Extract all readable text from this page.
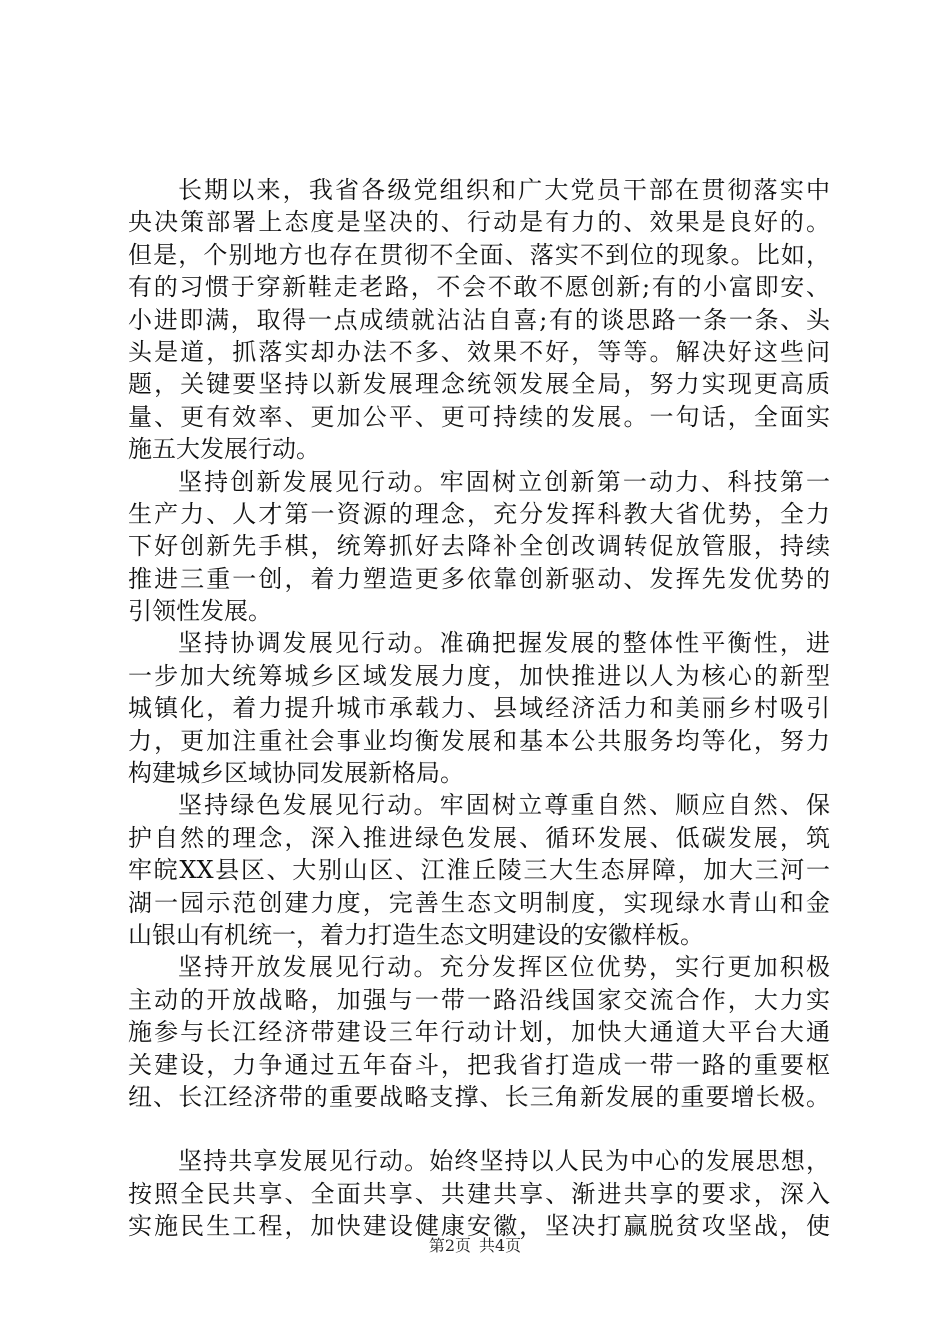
长期以来，我省各级党组织和广大党员干部在贯彻落实中
央决策部署上态度是坚决的、行动是有力的、效果是良好的。
但是，个别地方也存在贯彻不全面、落实不到位的现象。比如，
有的习惯于穿新鞋走老路，不会不敢不愿创新;有的小富即安、
小进即满，取得一点成绩就沾沾自喜;有的谈思路一条一条、头
头是道，抓落实却办法不多、效果不好，等等。解决好这些问
题，关键要坚持以新发展理念统领发展全局，努力实现更高质
量、更有效率、更加公平、更可持续的发展。一句话，全面实
施五大发展行动。
坚持创新发展见行动。牢固树立创新第一动力、科技第一
生产力、人才第一资源的理念，充分发挥科教大省优势，全力
下好创新先手棋，统筹抓好去降补全创改调转促放管服，持续
推进三重一创，着力塑造更多依靠创新驱动、发挥先发优势的
引领性发展。
坚持协调发展见行动。准确把握发展的整体性平衡性，进
一步加大统筹城乡区域发展力度，加快推进以人为核心的新型
城镇化，着力提升城市承载力、县域经济活力和美丽乡村吸引
力，更加注重社会事业均衡发展和基本公共服务均等化，努力
构建城乡区域协同发展新格局。
坚持绿色发展见行动。牢固树立尊重自然、顺应自然、保
护自然的理念，深入推进绿色发展、循环发展、低碳发展，筑
牢皖XX县区、大别山区、江淮丘陵三大生态屏障，加大三河一
湖一园示范创建力度，完善生态文明制度，实现绿水青山和金
山银山有机统一，着力打造生态文明建设的安徽样板。
坚持开放发展见行动。充分发挥区位优势，实行更加积极
主动的开放战略，加强与一带一路沿线国家交流合作，大力实
施参与长江经济带建设三年行动计划，加快大通道大平台大通
关建设，力争通过五年奋斗，把我省打造成一带一路的重要枢
纽、长江经济带的重要战略支撑、长三角新发展的重要增长极。
坚持共享发展见行动。始终坚持以人民为中心的发展思想，
按照全民共享、全面共享、共建共享、渐进共享的要求，深入
实施民生工程，加快建设健康安徽，坚决打赢脱贫攻坚战，使
第2页 共4页
